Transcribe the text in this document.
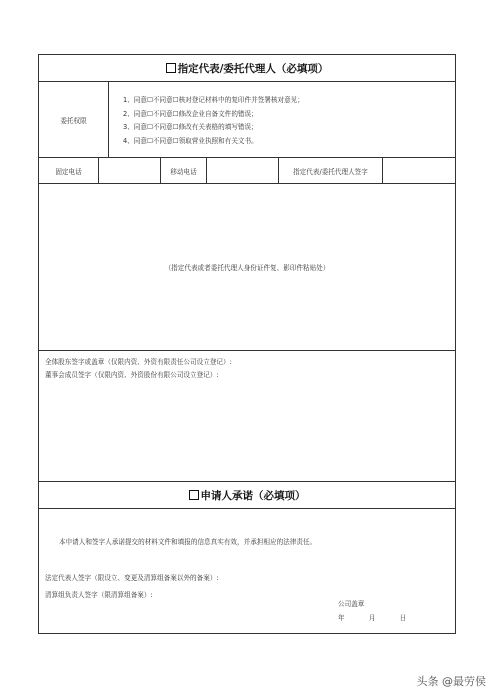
指定代表/委托代理人（必填项）
委托权限
1、同意☐不同意☐核对登记材料中的复印件并签署核对意见；
2、同意☐不同意☐修改企业自备文件的错误；
3、同意☐不同意☐修改有关表格的填写错误；
4、同意☐不同意☐领取营业执照和有关文书。
固定电话	移动电话	指定代表/委托代理人签字
（指定代表或者委托代理人身份证件复、影印件粘贴处）
全体股东签字或盖章（仅限内资、外资有限责任公司设立登记）:
董事会成员签字（仅限内资、外资股份有限公司设立登记）:
申请人承诺（必填项）
本申请人和签字人承诺提交的材料文件和填报的信息真实有效，并承担相应的法律责任。
法定代表人签字（限设立、变更及清算组备案以外的备案）:
清算组负责人签字（限清算组备案）:
公司盖章
年	月	日
头条 @最劳侯
